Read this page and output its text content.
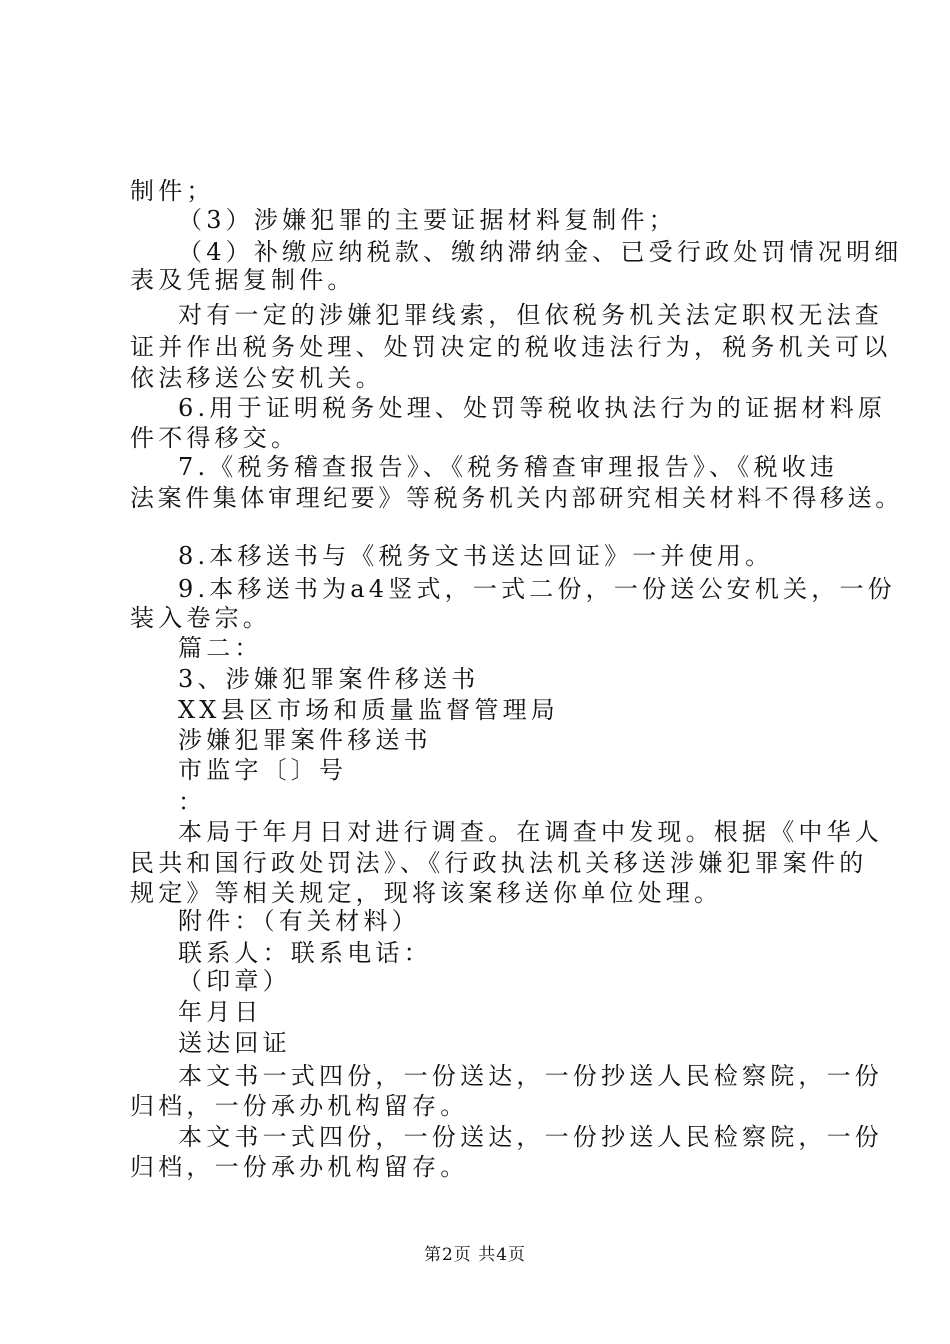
制件；
（3）涉嫌犯罪的主要证据材料复制件；
（4）补缴应纳税款、缴纳滞纳金、已受行政处罚情况明细
表及凭据复制件。
对有一定的涉嫌犯罪线索，但依税务机关法定职权无法查
证并作出税务处理、处罚决定的税收违法行为，税务机关可以
依法移送公安机关。
6.用于证明税务处理、处罚等税收执法行为的证据材料原
件不得移交。
7.《税务稽查报告》、《税务稽查审理报告》、《税收违
法案件集体审理纪要》等税务机关内部研究相关材料不得移送。
8.本移送书与《税务文书送达回证》一并使用。
9.本移送书为a4竖式，一式二份，一份送公安机关，一份
装入卷宗。
篇二：
3、涉嫌犯罪案件移送书
XX县区市场和质量监督管理局
涉嫌犯罪案件移送书
市监字〔〕号
：
本局于年月日对进行调查。在调查中发现。根据《中华人
民共和国行政处罚法》、《行政执法机关移送涉嫌犯罪案件的
规定》等相关规定，现将该案移送你单位处理。
附件：（有关材料）
联系人：联系电话：
（印章）
年月日
送达回证
本文书一式四份，一份送达，一份抄送人民检察院，一份
归档，一份承办机构留存。
本文书一式四份，一份送达，一份抄送人民检察院，一份
归档，一份承办机构留存。
第2页 共4页
